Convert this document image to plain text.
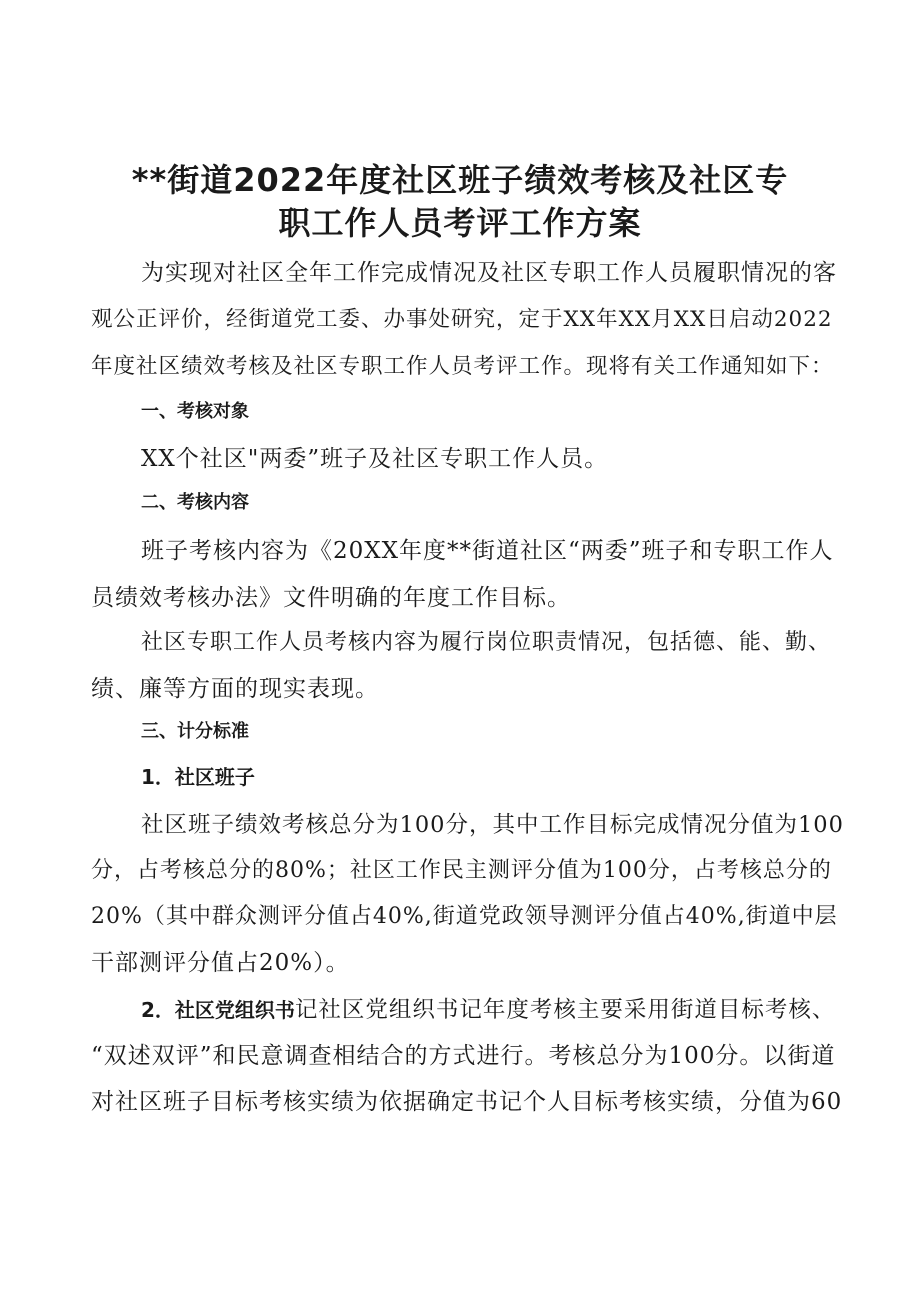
**街道2022年度社区班子绩效考核及社区专
职工作人员考评工作方案
为实现对社区全年工作完成情况及社区专职工作人员履职情况的客
观公正评价，经街道党工委、办事处研究，定于XX年XX月XX日启动2022
年度社区绩效考核及社区专职工作人员考评工作。现将有关工作通知如下：
一、考核对象
XX个社区"两委”班子及社区专职工作人员。
二、考核内容
班子考核内容为《20XX年度**街道社区“两委”班子和专职工作人
员绩效考核办法》文件明确的年度工作目标。
社区专职工作人员考核内容为履行岗位职责情况，包括德、能、勤、
绩、廉等方面的现实表现。
三、计分标准
1．社区班子
社区班子绩效考核总分为100分，其中工作目标完成情况分值为100
分，占考核总分的80%；社区工作民主测评分值为100分，占考核总分的
20%（其中群众测评分值占40%,街道党政领导测评分值占40%,街道中层
干部测评分值占20%）。
2．社区党组织书记社区党组织书记年度考核主要采用街道目标考核、
“双述双评”和民意调查相结合的方式进行。考核总分为100分。以街道
对社区班子目标考核实绩为依据确定书记个人目标考核实绩，分值为60
